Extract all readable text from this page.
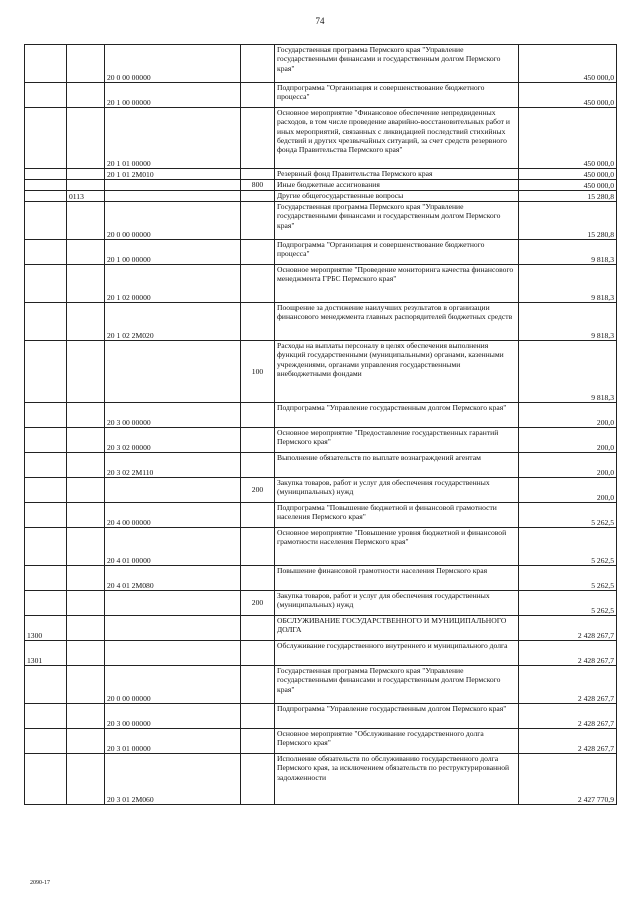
74
		20 0 00 00000		Государственная программа Пермского края "Управление государственными финансами и государственным долгом Пермского края"	450 000,0
		20 1 00 00000		Подпрограмма "Организация и совершенствование бюджетного процесса"	450 000,0
		20 1 01 00000		Основное мероприятие "Финансовое обеспечение непредвиденных расходов, в том числе проведение аварийно-восстановительных работ и иных мероприятий, связанных с ликвидацией последствий стихийных бедствий и других чрезвычайных ситуаций, за счет средств резервного фонда Правительства Пермского края"	450 000,0
		20 1 01 2М010		Резервный фонд Правительства Пермского края	450 000,0
			800	Иные бюджетные ассигнования	450 000,0
	0113			Другие общегосударственные вопросы	15 280,8
		20 0 00 00000		Государственная программа Пермского края "Управление государственными финансами и государственным долгом Пермского края"	15 280,8
		20 1 00 00000		Подпрограмма "Организация и совершенствование бюджетного процесса"	9 818,3
		20 1 02 00000		Основное мероприятие "Проведение мониторинга качества финансового менеджмента ГРБС Пермского края"	9 818,3
		20 1 02 2М020		Поощрение за достижение наилучших результатов в организации финансового менеджмента главных распорядителей бюджетных средств	9 818,3
			100	Расходы на выплаты персоналу в целях обеспечения выполнения функций государственными (муниципальными) органами, казенными учреждениями, органами управления государственными внебюджетными фондами	9 818,3
		20 3 00 00000		Подпрограмма "Управление государственным долгом Пермского края"	200,0
		20 3 02 00000		Основное мероприятие "Предоставление государственных гарантий Пермского края"	200,0
		20 3 02 2М110		Выполнение обязательств по выплате вознаграждений агентам	200,0
			200	Закупка товаров, работ и услуг для обеспечения государственных (муниципальных) нужд	200,0
		20 4 00 00000		Подпрограмма "Повышение бюджетной и финансовой грамотности населения Пермского края"	5 262,5
		20 4 01 00000		Основное мероприятие "Повышение уровня бюджетной и финансовой грамотности населения Пермского края"	5 262,5
		20 4 01 2М080		Повышение финансовой грамотности населения Пермского края	5 262,5
			200	Закупка товаров, работ и услуг для обеспечения государственных (муниципальных) нужд	5 262,5
1300				ОБСЛУЖИВАНИЕ ГОСУДАРСТВЕННОГО И МУНИЦИПАЛЬНОГО ДОЛГА	2 428 267,7
1301				Обслуживание государственного внутреннего и муниципального долга	2 428 267,7
		20 0 00 00000		Государственная программа Пермского края "Управление государственными финансами и государственным долгом Пермского края"	2 428 267,7
		20 3 00 00000		Подпрограмма "Управление государственным долгом Пермского края"	2 428 267,7
		20 3 01 00000		Основное мероприятие "Обслуживание государственного долга Пермского края"	2 428 267,7
		20 3 01 2М060		Исполнение обязательств по обслуживанию государственного долга Пермского края, за исключением обязательств по реструктурированной задолженности	2 427 770,9
2090-17
